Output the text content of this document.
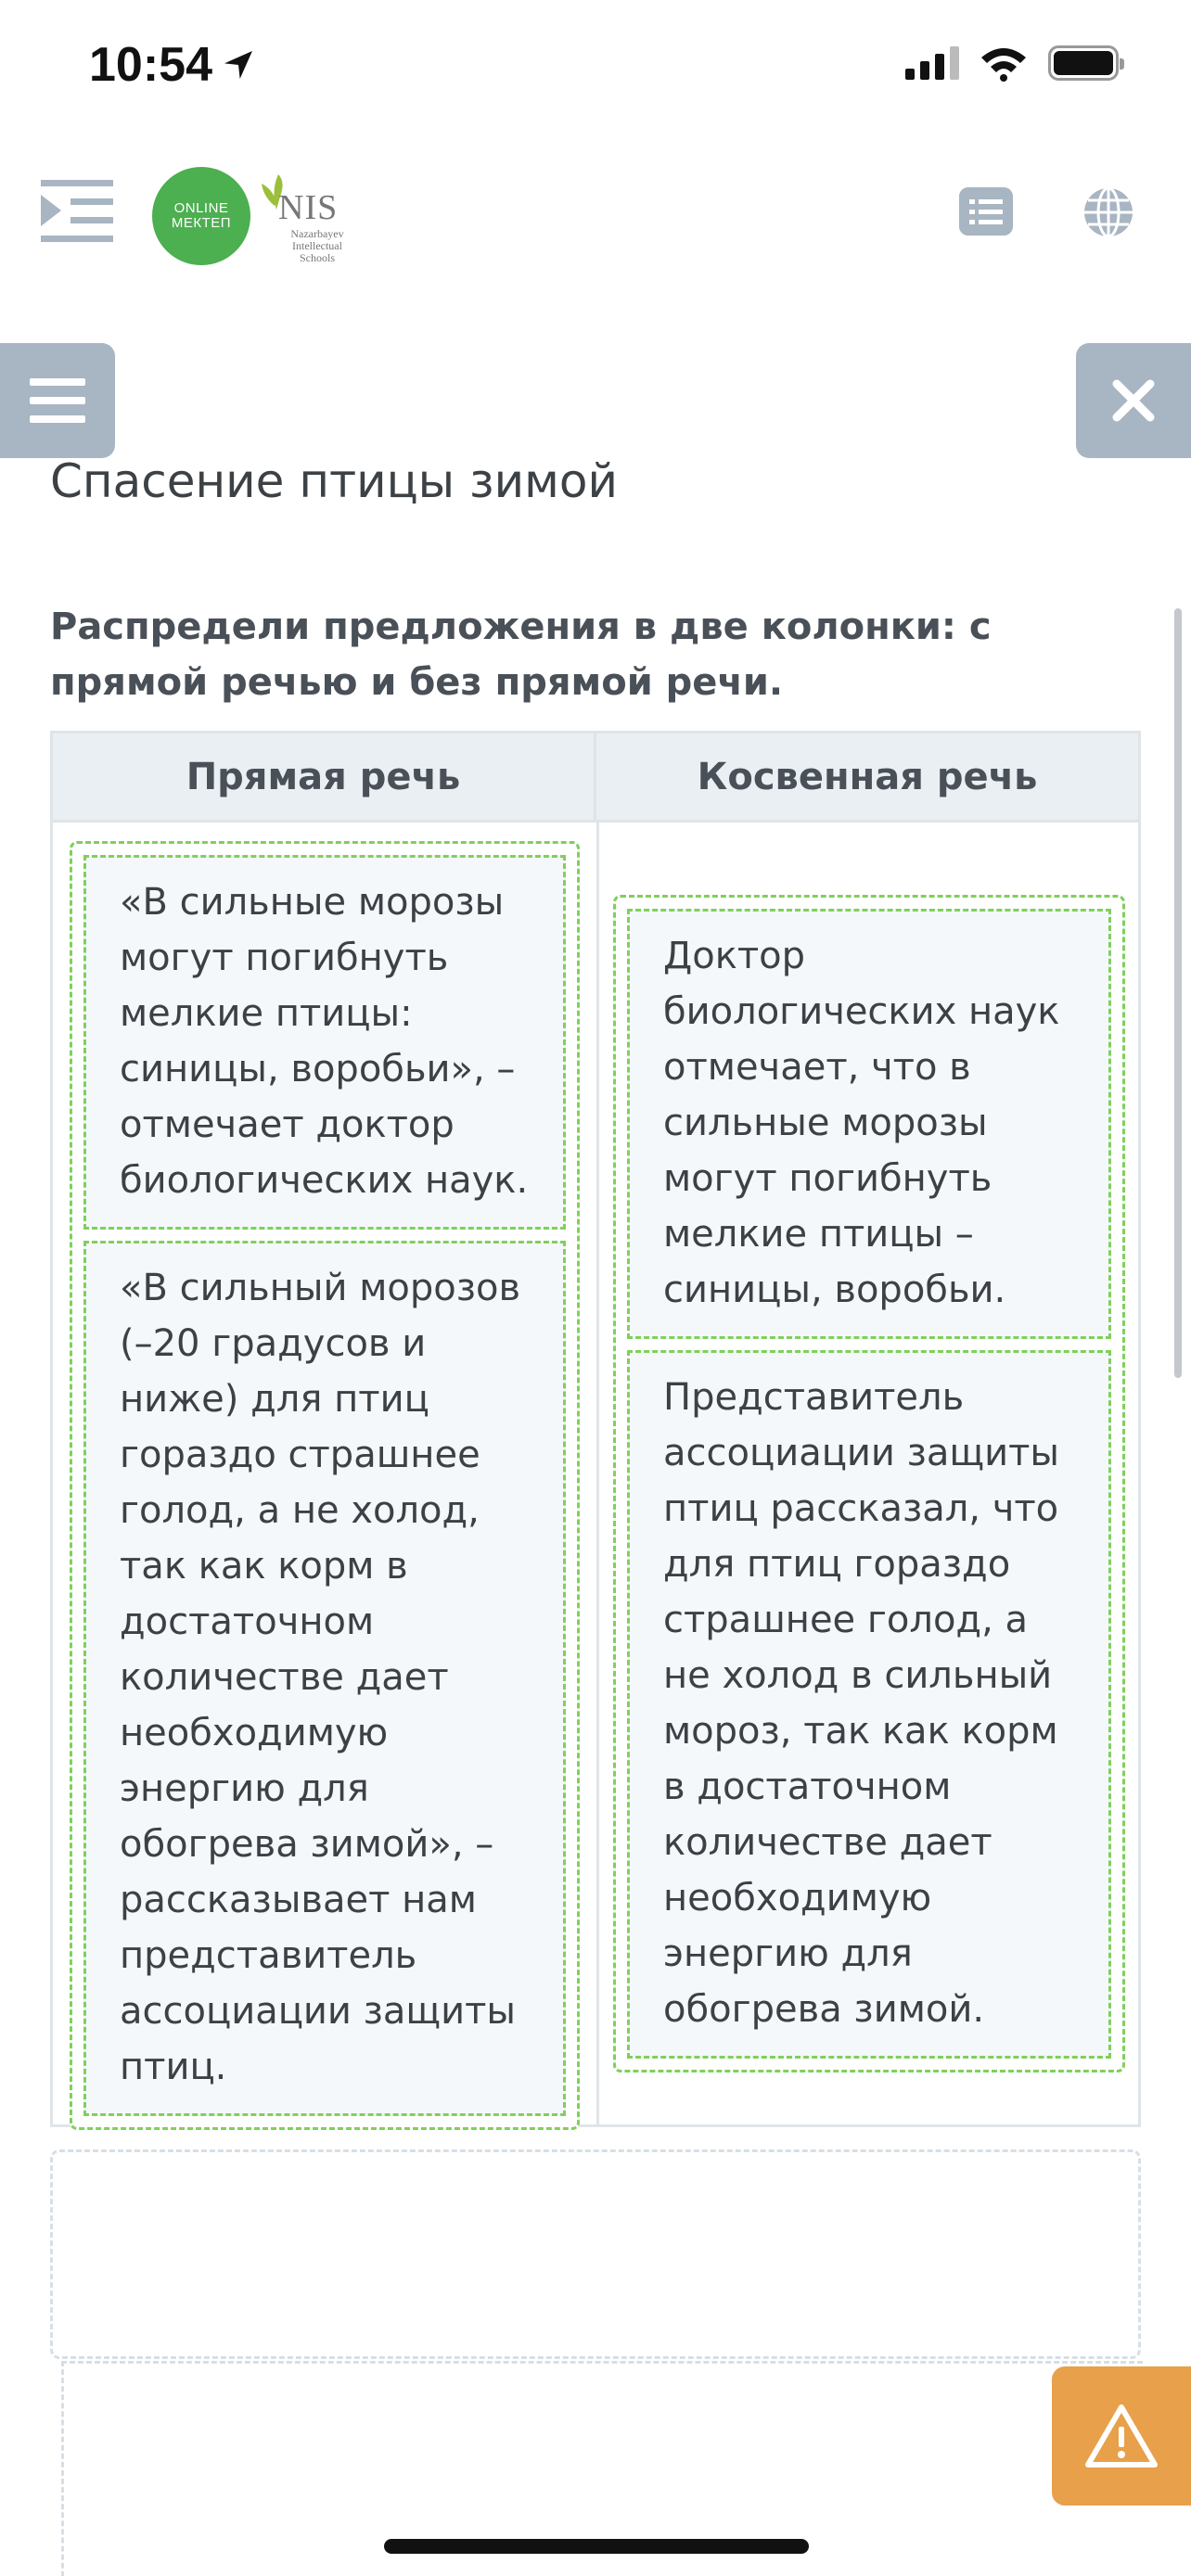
10:54
ONLINE
МЕКТЕП	NIS
Nazarbayev
Intellectual
Schools
Спасение птицы зимой

Распредели предложения в две колонки: с прямой речью и без прямой речи.

Прямая речь	Косвенная речь
«В сильные морозы могут погибнуть мелкие птицы: синицы, воробьи», – отмечает доктор биологических наук.
«В сильный морозов (–20 градусов и ниже) для птиц гораздо страшнее голод, а не холод, так как корм в достаточном количестве дает необходимую энергию для обогрева зимой», – рассказывает нам представитель ассоциации защиты птиц.
Доктор биологических наук отмечает, что в сильные морозы могут погибнуть мелкие птицы – синицы, воробьи.
Представитель ассоциации защиты птиц рассказал, что для птиц гораздо страшнее голод, а не холод в сильный мороз, так как корм в достаточном количестве дает необходимую энергию для обогрева зимой.
